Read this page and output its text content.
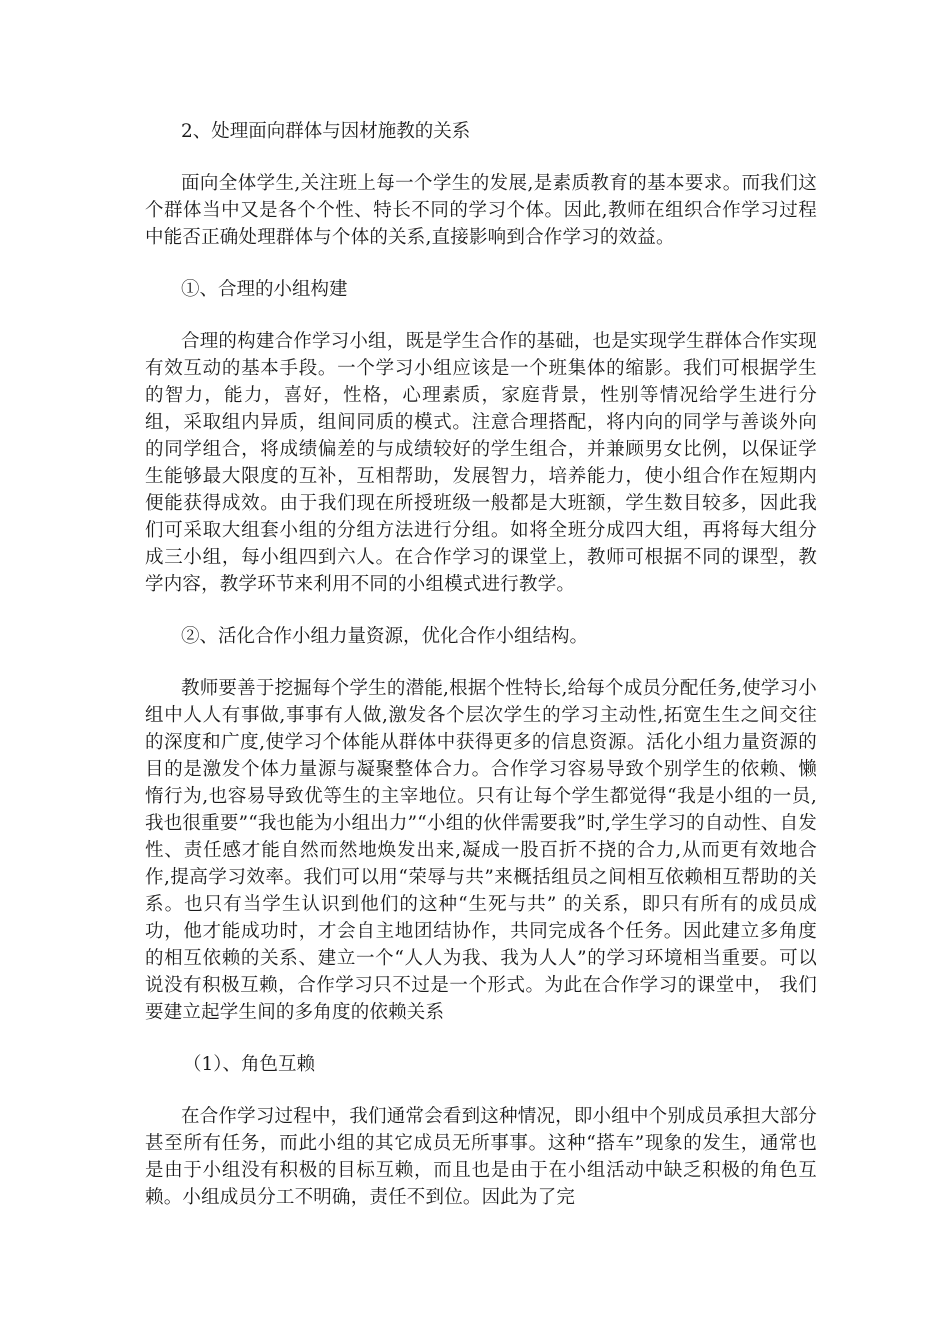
2、处理面向群体与因材施教的关系

面向全体学生,关注班上每一个学生的发展,是素质教育的基本要求。而我们这个群体当中又是各个个性、特长不同的学习个体。因此,教师在组织合作学习过程中能否正确处理群体与个体的关系,直接影响到合作学习的效益。

①、合理的小组构建

合理的构建合作学习小组，既是学生合作的基础，也是实现学生群体合作实现有效互动的基本手段。一个学习小组应该是一个班集体的缩影。我们可根据学生的智力，能力，喜好，性格，心理素质，家庭背景，性别等情况给学生进行分组，采取组内异质，组间同质的模式。注意合理搭配，将内向的同学与善谈外向的同学组合，将成绩偏差的与成绩较好的学生组合，并兼顾男女比例，以保证学生能够最大限度的互补，互相帮助，发展智力，培养能力，使小组合作在短期内便能获得成效。由于我们现在所授班级一般都是大班额，学生数目较多，因此我们可采取大组套小组的分组方法进行分组。如将全班分成四大组，再将每大组分成三小组，每小组四到六人。在合作学习的课堂上，教师可根据不同的课型，教学内容，教学环节来利用不同的小组模式进行教学。

②、活化合作小组力量资源，优化合作小组结构。

教师要善于挖掘每个学生的潜能,根据个性特长,给每个成员分配任务,使学习小组中人人有事做,事事有人做,激发各个层次学生的学习主动性,拓宽生生之间交往的深度和广度,使学习个体能从群体中获得更多的信息资源。活化小组力量资源的目的是激发个体力量源与凝聚整体合力。合作学习容易导致个别学生的依赖、懒惰行为,也容易导致优等生的主宰地位。只有让每个学生都觉得“我是小组的一员,我也很重要”“我也能为小组出力”“小组的伙伴需要我”时,学生学习的自动性、自发性、责任感才能自然而然地焕发出来,凝成一股百折不挠的合力,从而更有效地合作,提高学习效率。我们可以用“荣辱与共”来概括组员之间相互依赖相互帮助的关系。也只有当学生认识到他们的这种“生死与共” 的关系，即只有所有的成员成功，他才能成功时，才会自主地团结协作，共同完成各个任务。因此建立多角度的相互依赖的关系、建立一个“人人为我、我为人人”的学习环境相当重要。可以说没有积极互赖，合作学习只不过是一个形式。为此在合作学习的课堂中， 我们要建立起学生间的多角度的依赖关系

（1）、角色互赖

在合作学习过程中，我们通常会看到这种情况，即小组中个别成员承担大部分甚至所有任务，而此小组的其它成员无所事事。这种“搭车”现象的发生，通常也是由于小组没有积极的目标互赖，而且也是由于在小组活动中缺乏积极的角色互赖。小组成员分工不明确，责任不到位。因此为了完
